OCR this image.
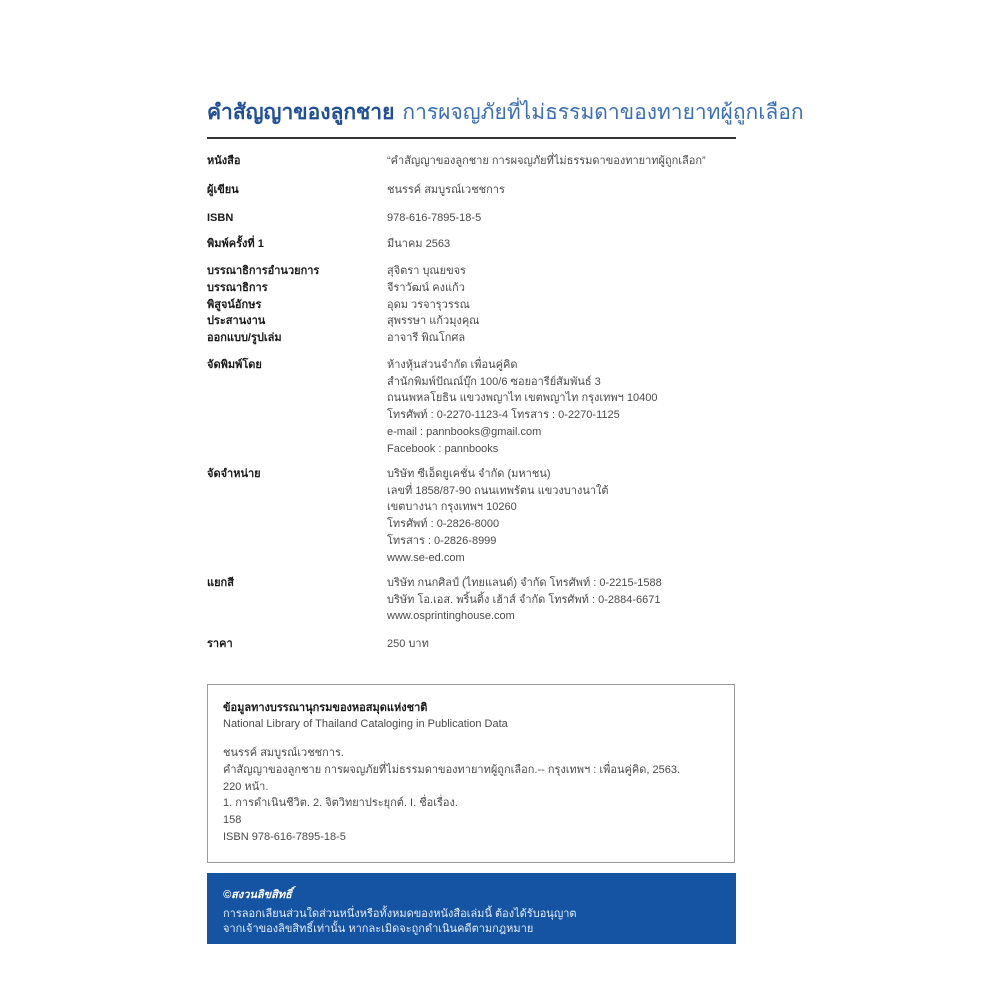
คำสัญญาของลูกชาย การผจญภัยที่ไม่ธรรมดาของทายาทผู้ถูกเลือก
หนังสือ	“คำสัญญาของลูกชาย การผจญภัยที่ไม่ธรรมดาของทายาทผู้ถูกเลือก”
ผู้เขียน	ชนรรค์ สมบูรณ์เวชชการ
ISBN	978-616-7895-18-5
พิมพ์ครั้งที่ 1	มีนาคม 2563
บรรณาธิการอำนวยการ	สุจิตรา บุณยขจร
บรรณาธิการ	จีราวัฒน์ คงแก้ว
พิสูจน์อักษร	อุดม วรจารุวรรณ
ประสานงาน	สุพรรษา แก้วมุงคุณ
ออกแบบ/รูปเล่ม	อาจารี พิณโกศล
จัดพิมพ์โดย	ห้างหุ้นส่วนจำกัด เพื่อนคู่คิด
สำนักพิมพ์ปัณณ์บุ๊ก 100/6 ซอยอารีย์สัมพันธ์ 3
ถนนพหลโยธิน แขวงพญาไท เขตพญาไท กรุงเทพฯ 10400
โทรศัพท์ : 0-2270-1123-4 โทรสาร : 0-2270-1125
e-mail : pannbooks@gmail.com
Facebook : pannbooks
จัดจำหน่าย	บริษัท ซีเอ็ดยูเคชั่น จำกัด (มหาชน)
เลขที่ 1858/87-90 ถนนเทพรัตน แขวงบางนาใต้
เขตบางนา กรุงเทพฯ 10260
โทรศัพท์ : 0-2826-8000
โทรสาร : 0-2826-8999
www.se-ed.com
แยกสี	บริษัท กนกศิลป์ (ไทยแลนด์) จำกัด โทรศัพท์ : 0-2215-1588
บริษัท โอ.เอส. พริ้นติ้ง เฮ้าส์ จำกัด โทรศัพท์ : 0-2884-6671
www.osprintinghouse.com
ราคา	250 บาท
ข้อมูลทางบรรณานุกรมของหอสมุดแห่งชาติ
National Library of Thailand Cataloging in Publication Data
ชนรรค์ สมบูรณ์เวชชการ.
คำสัญญาของลูกชาย การผจญภัยที่ไม่ธรรมดาของทายาทผู้ถูกเลือก.-- กรุงเทพฯ : เพื่อนคู่คิด, 2563.
220 หน้า.
1. การดำเนินชีวิต. 2. จิตวิทยาประยุกต์. I. ชื่อเรื่อง.
158
ISBN 978-616-7895-18-5
©สงวนลิขสิทธิ์
การลอกเลียนส่วนใดส่วนหนึ่งหรือทั้งหมดของหนังสือเล่มนี้ ต้องได้รับอนุญาต
จากเจ้าของลิขสิทธิ์เท่านั้น หากละเมิดจะถูกดำเนินคดีตามกฎหมาย
